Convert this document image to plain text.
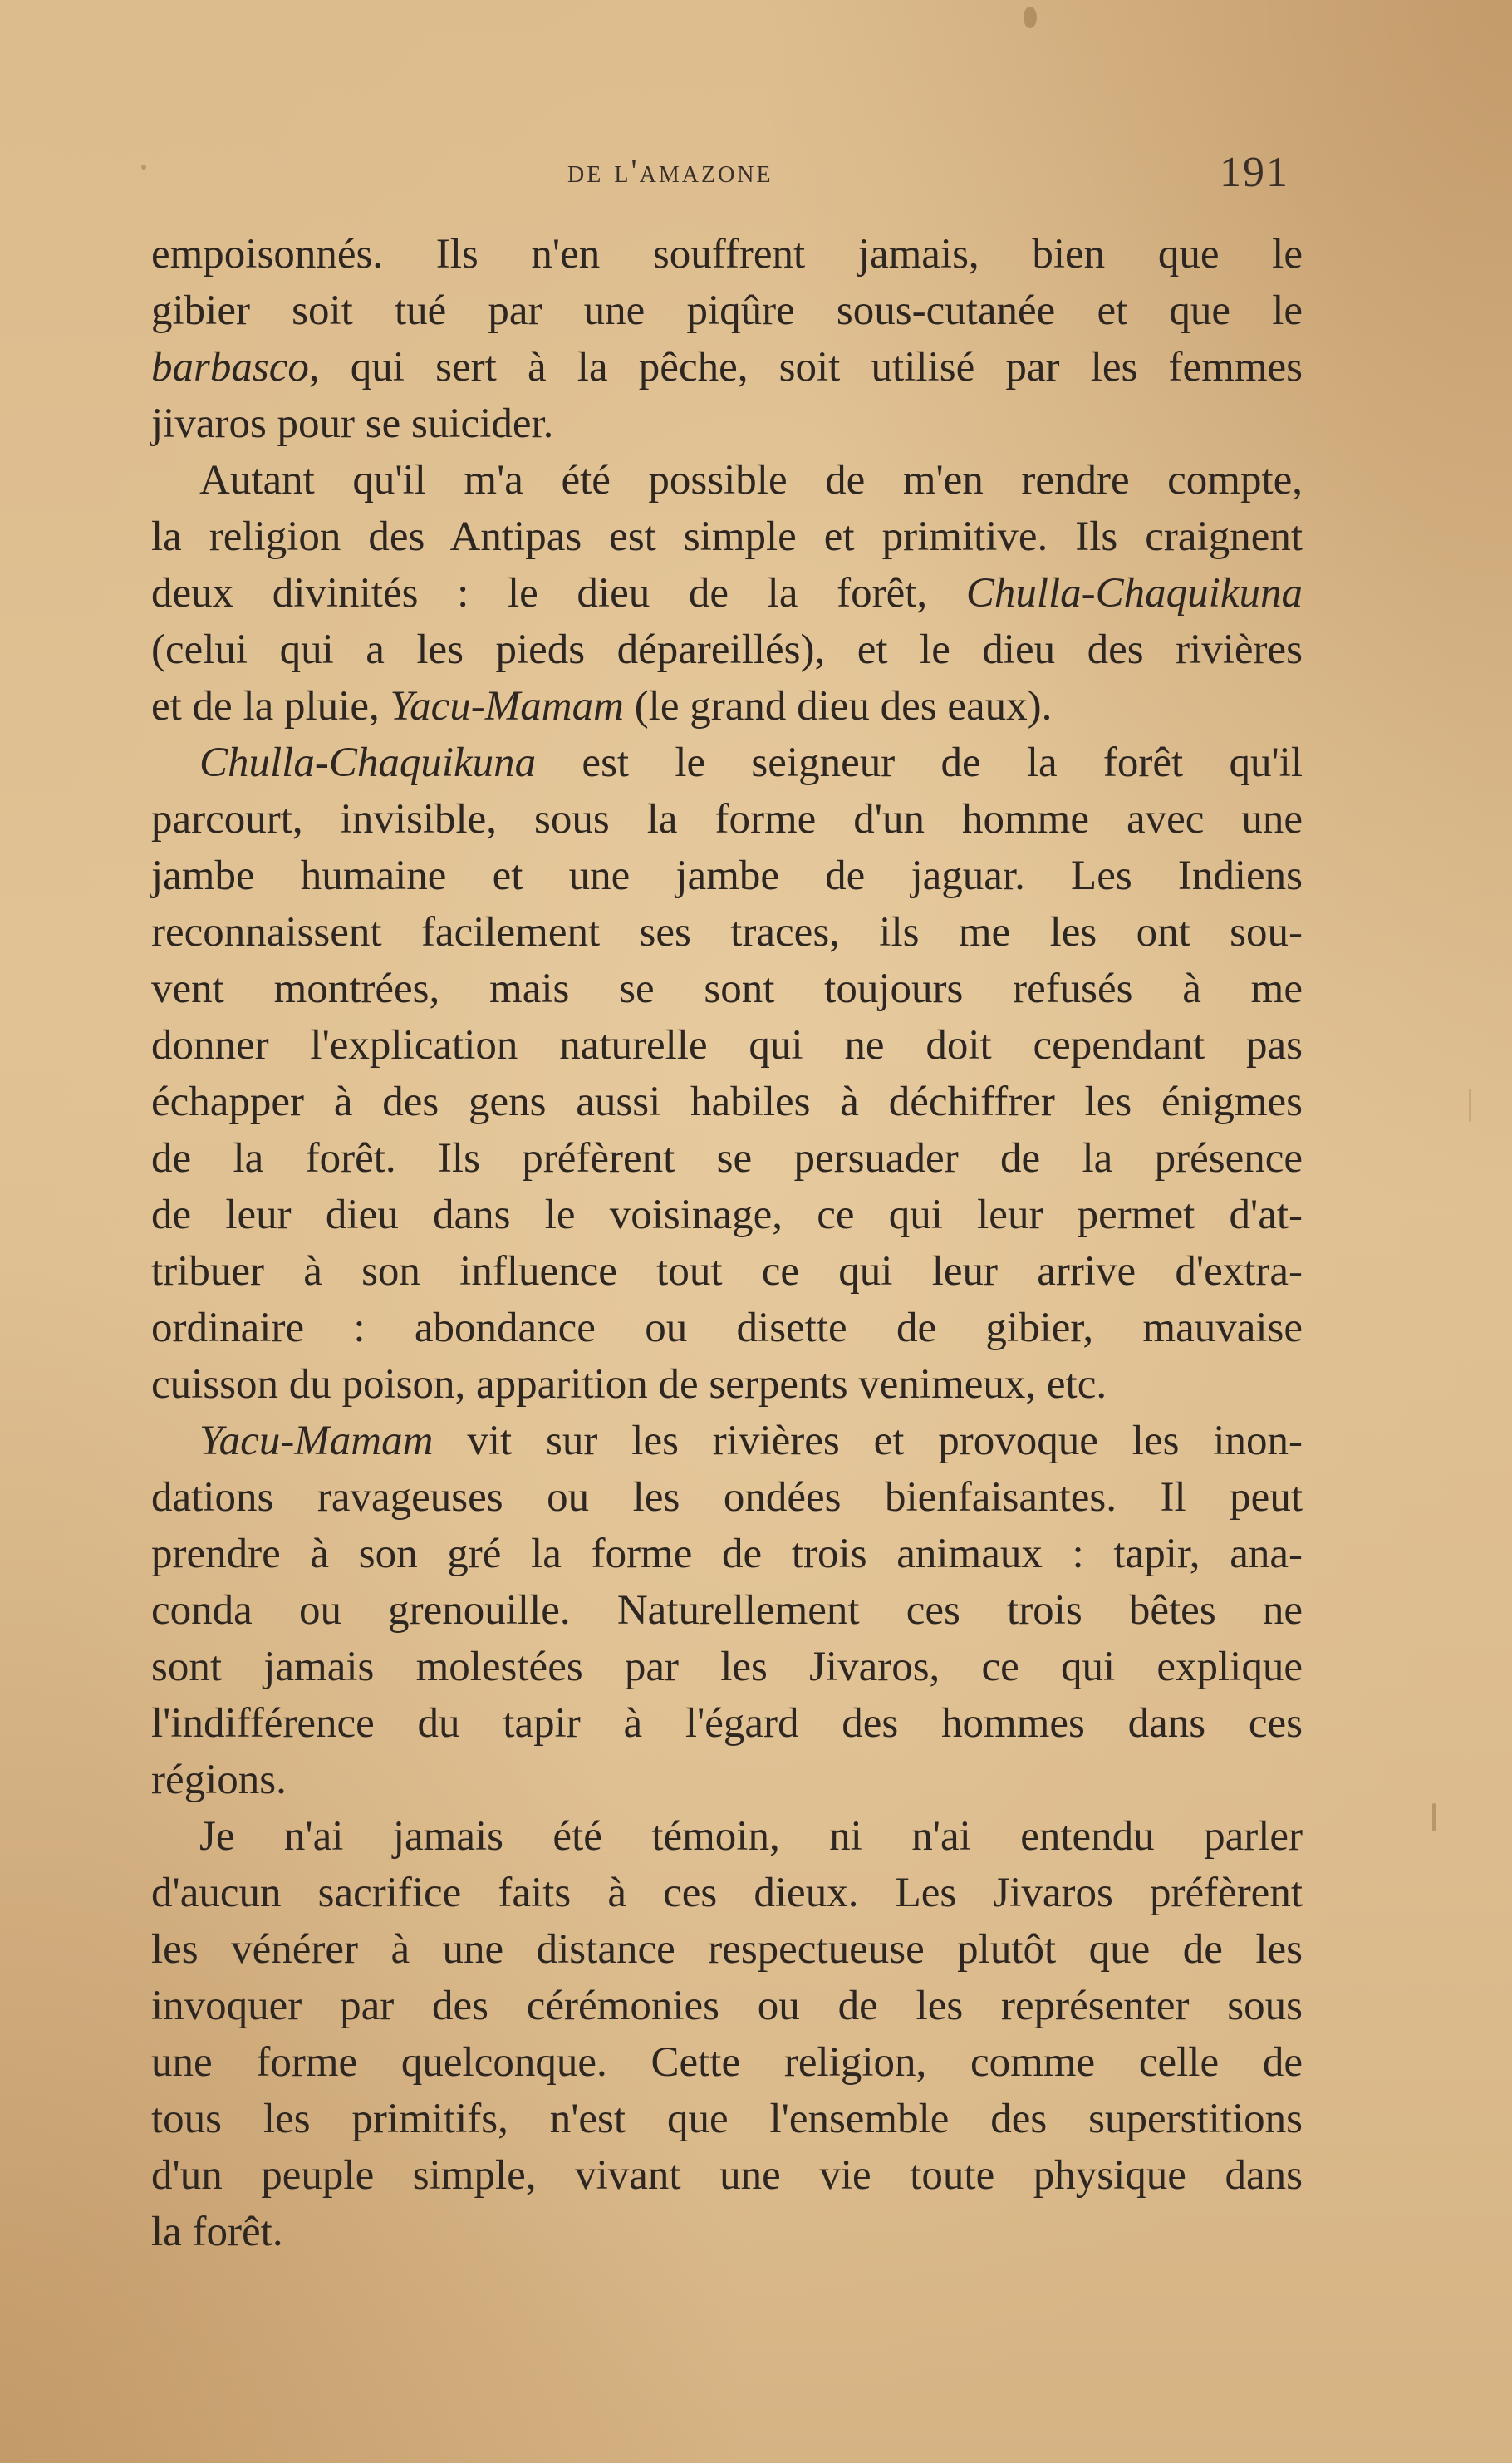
de l'amazone	191
empoisonnés. Ils n'en souffrent jamais, bien que le
gibier soit tué par une piqûre sous-cutanée et que le
barbasco, qui sert à la pêche, soit utilisé par les femmes
jivaros pour se suicider.
Autant qu'il m'a été possible de m'en rendre compte,
la religion des Antipas est simple et primitive. Ils craignent
deux divinités : le dieu de la forêt, Chulla-Chaquikuna
(celui qui a les pieds dépareillés), et le dieu des rivières
et de la pluie, Yacu-Mamam (le grand dieu des eaux).
Chulla-Chaquikuna est le seigneur de la forêt qu'il
parcourt, invisible, sous la forme d'un homme avec une
jambe humaine et une jambe de jaguar. Les Indiens
reconnaissent facilement ses traces, ils me les ont sou-
vent montrées, mais se sont toujours refusés à me
donner l'explication naturelle qui ne doit cependant pas
échapper à des gens aussi habiles à déchiffrer les énigmes
de la forêt. Ils préfèrent se persuader de la présence
de leur dieu dans le voisinage, ce qui leur permet d'at-
tribuer à son influence tout ce qui leur arrive d'extra-
ordinaire : abondance ou disette de gibier, mauvaise
cuisson du poison, apparition de serpents venimeux, etc.
Yacu-Mamam vit sur les rivières et provoque les inon-
dations ravageuses ou les ondées bienfaisantes. Il peut
prendre à son gré la forme de trois animaux : tapir, ana-
conda ou grenouille. Naturellement ces trois bêtes ne
sont jamais molestées par les Jivaros, ce qui explique
l'indifférence du tapir à l'égard des hommes dans ces
régions.
Je n'ai jamais été témoin, ni n'ai entendu parler
d'aucun sacrifice faits à ces dieux. Les Jivaros préfèrent
les vénérer à une distance respectueuse plutôt que de les
invoquer par des cérémonies ou de les représenter sous
une forme quelconque. Cette religion, comme celle de
tous les primitifs, n'est que l'ensemble des superstitions
d'un peuple simple, vivant une vie toute physique dans
la forêt.
